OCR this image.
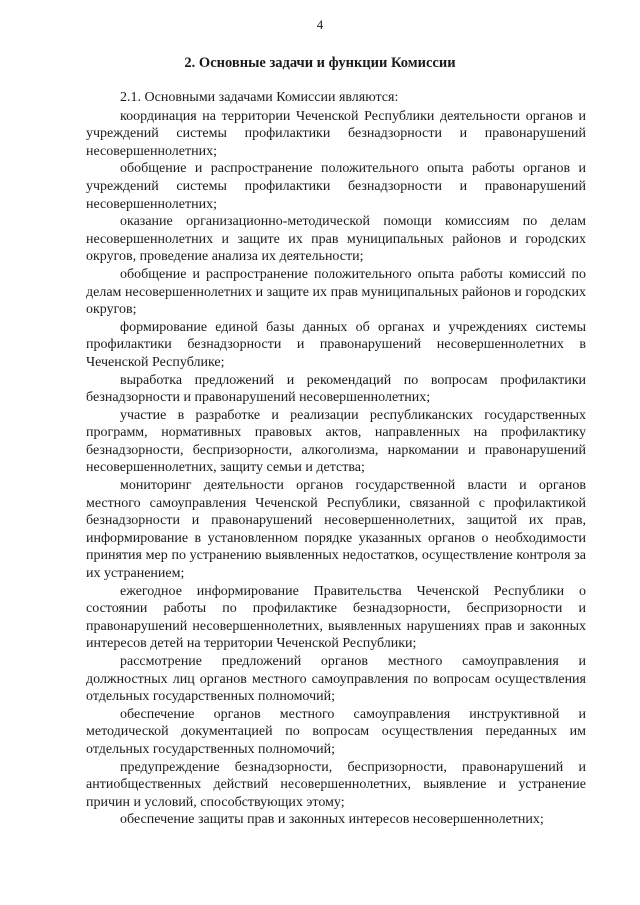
4
2. Основные задачи и функции Комиссии

2.1. Основными задачами Комиссии являются:

координация на территории Чеченской Республики деятельности органов и учреждений системы профилактики безнадзорности и правонарушений несовершеннолетних;
обобщение и распространение положительного опыта работы органов и учреждений системы профилактики безнадзорности и правонарушений несовершеннолетних;
оказание организационно-методической помощи комиссиям по делам несовершеннолетних и защите их прав муниципальных районов и городских округов, проведение анализа их деятельности;
обобщение и распространение положительного опыта работы комиссий по делам несовершеннолетних и защите их прав муниципальных районов и городских округов;
формирование единой базы данных об органах и учреждениях системы профилактики безнадзорности и правонарушений несовершеннолетних в Чеченской Республике;
выработка предложений и рекомендаций по вопросам профилактики безнадзорности и правонарушений несовершеннолетних;
участие в разработке и реализации республиканских государственных программ, нормативных правовых актов, направленных на профилактику безнадзорности, беспризорности, алкоголизма, наркомании и правонарушений несовершеннолетних, защиту семьи и детства;
мониторинг деятельности органов государственной власти и органов местного самоуправления Чеченской Республики, связанной с профилактикой безнадзорности и правонарушений несовершеннолетних, защитой их прав, информирование в установленном порядке указанных органов о необходимости принятия мер по устранению выявленных недостатков, осуществление контроля за их устранением;
ежегодное информирование Правительства Чеченской Республики о состоянии работы по профилактике безнадзорности, беспризорности и правонарушений несовершеннолетних, выявленных нарушениях прав и законных интересов детей на территории Чеченской Республики;
рассмотрение предложений органов местного самоуправления и должностных лиц органов местного самоуправления по вопросам осуществления отдельных государственных полномочий;
обеспечение органов местного самоуправления инструктивной и методической документацией по вопросам осуществления переданных им отдельных государственных полномочий;
предупреждение безнадзорности, беспризорности, правонарушений и антиобщественных действий несовершеннолетних, выявление и устранение причин и условий, способствующих этому;
обеспечение защиты прав и законных интересов несовершеннолетних;
